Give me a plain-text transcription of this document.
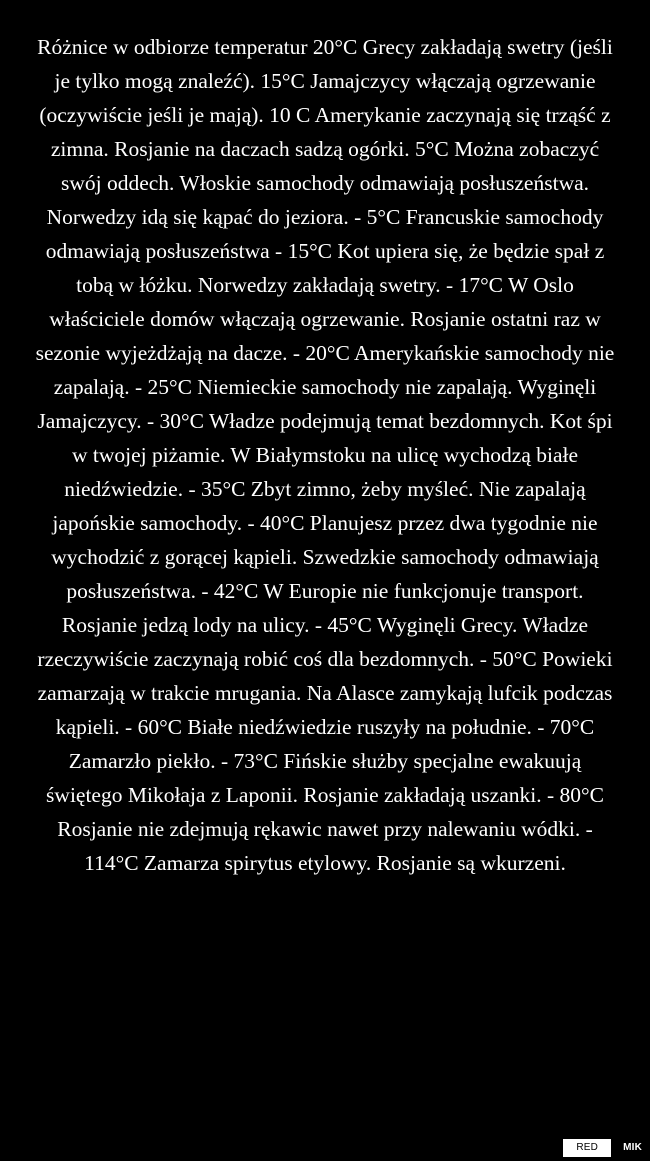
Różnice w odbiorze temperatur 20°C Grecy zakładają swetry (jeśli je tylko mogą znaleźć). 15°C Jamajczycy włączają ogrzewanie (oczywiście jeśli je mają). 10 C Amerykanie zaczynają się trząść z zimna. Rosjanie na daczach sadzą ogórki. 5°C Można zobaczyć swój oddech. Włoskie samochody odmawiają posłuszeństwa. Norwedzy idą się kąpać do jeziora. - 5°C Francuskie samochody odmawiają posłuszeństwa - 15°C Kot upiera się, że będzie spał z tobą w łóżku. Norwedzy zakładają swetry. - 17°C W Oslo właściciele domów włączają ogrzewanie. Rosjanie ostatni raz w sezonie wyjeżdżają na dacze. - 20°C Amerykańskie samochody nie zapalają. - 25°C Niemieckie samochody nie zapalają. Wyginęli Jamajczycy. - 30°C Władze podejmują temat bezdomnych. Kot śpi w twojej piżamie. W Białymstoku na ulicę wychodzą białe niedźwiedzie. - 35°C Zbyt zimno, żeby myśleć. Nie zapalają japońskie samochody. - 40°C Planujesz przez dwa tygodnie nie wychodzić z gorącej kąpieli. Szwedzkie samochody odmawiają posłuszeństwa. - 42°C W Europie nie funkcjonuje transport. Rosjanie jedzą lody na ulicy. - 45°C Wyginęli Grecy. Władze rzeczywiście zaczynają robić coś dla bezdomnych. - 50°C Powieki zamarzają w trakcie mrugania. Na Alasce zamykają lufcik podczas kąpieli. - 60°C Białe niedźwiedzie ruszyły na południe. - 70°C Zamarzło piekło. - 73°C Fińskie służby specjalne ewakuują świętego Mikołaja z Laponii. Rosjanie zakładają uszanki. - 80°C Rosjanie nie zdejmują rękawic nawet przy nalewaniu wódki. - 114°C Zamarza spirytus etylowy. Rosjanie są wkurzeni.

RED	MIK
